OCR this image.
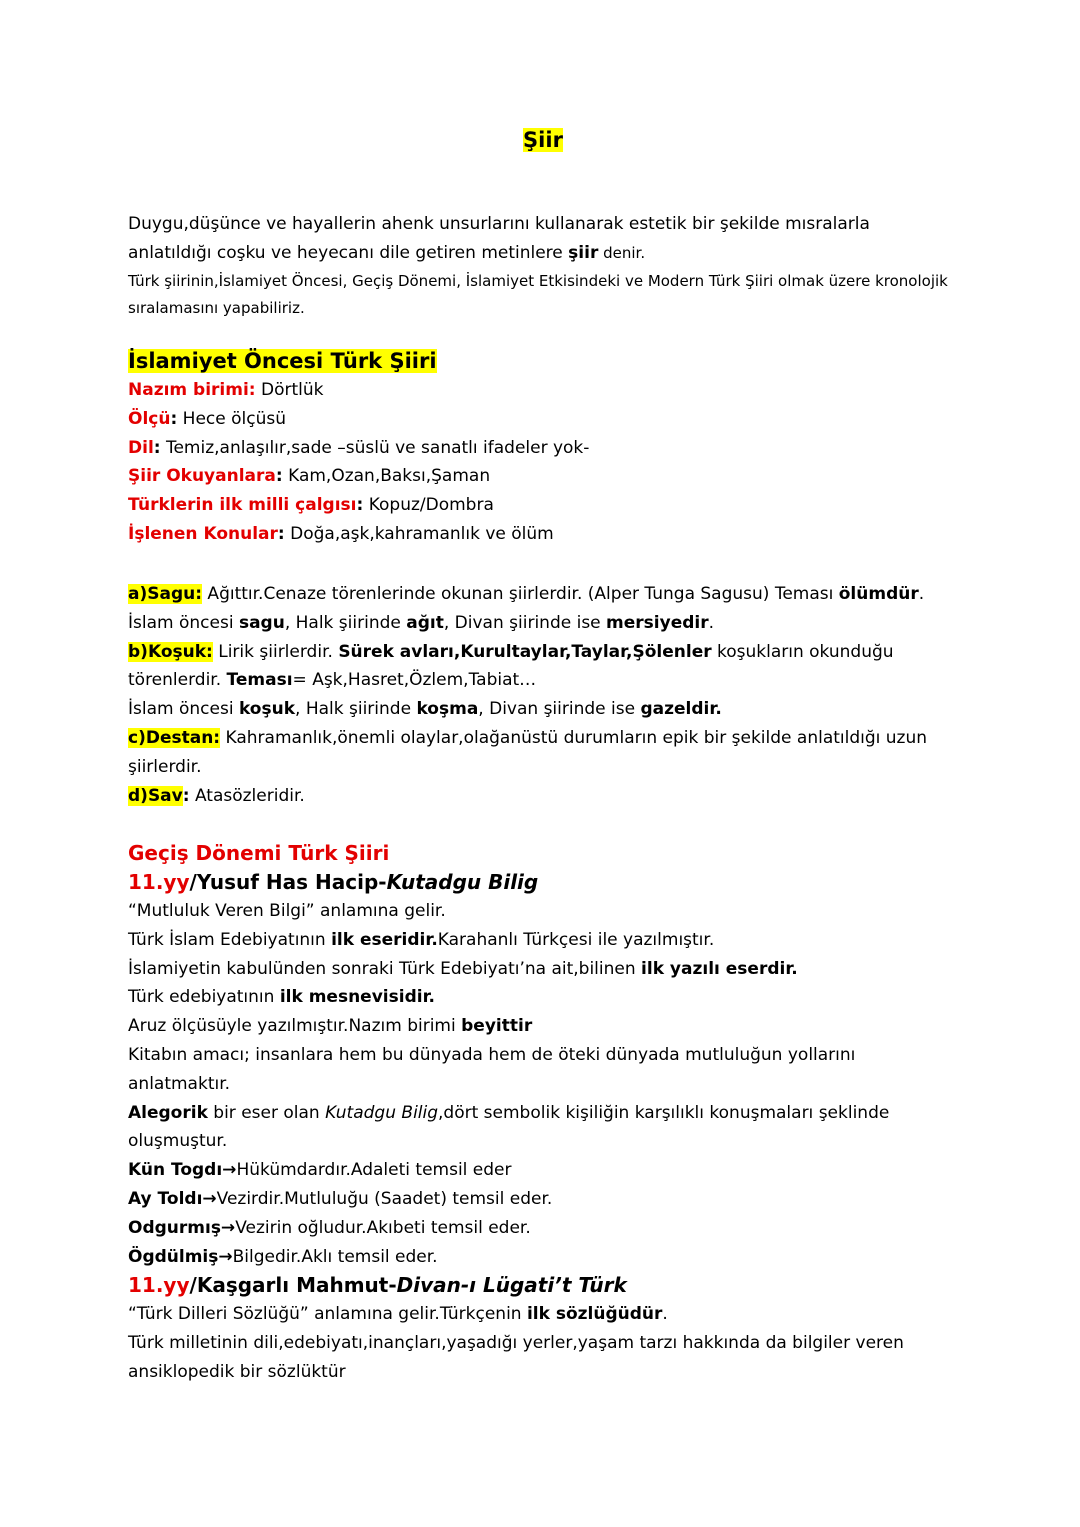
Şiir

Duygu,düşünce ve hayallerin ahenk unsurlarını kullanarak estetik bir şekilde mısralarla anlatıldığı coşku ve heyecanı dile getiren metinlere şiir denir.

Türk şiirinin,İslamiyet Öncesi, Geçiş Dönemi, İslamiyet Etkisindeki ve Modern Türk Şiiri olmak üzere kronolojik sıralamasını yapabiliriz.

İslamiyet Öncesi Türk Şiiri

Nazım birimi: Dörtlük

Ölçü: Hece ölçüsü

Dil: Temiz,anlaşılır,sade –süslü ve sanatlı ifadeler yok-

Şiir Okuyanlara: Kam,Ozan,Baksı,Şaman

Türklerin ilk milli çalgısı: Kopuz/Dombra

İşlenen Konular: Doğa,aşk,kahramanlık ve ölüm

a)Sagu: Ağıttır.Cenaze törenlerinde okunan şiirlerdir. (Alper Tunga Sagusu) Teması ölümdür.

İslam öncesi sagu, Halk şiirinde ağıt, Divan şiirinde ise mersiyedir.

b)Koşuk: Lirik şiirlerdir. Sürek avları,Kurultaylar,Taylar,Şölenler koşukların okunduğu törenlerdir. Teması= Aşk,Hasret,Özlem,Tabiat…

İslam öncesi koşuk, Halk şiirinde koşma, Divan şiirinde ise gazeldir.

c)Destan: Kahramanlık,önemli olaylar,olağanüstü durumların epik bir şekilde anlatıldığı uzun şiirlerdir.

d)Sav: Atasözleridir.

Geçiş Dönemi Türk Şiiri
11.yy/Yusuf Has Hacip-Kutadgu Bilig

“Mutluluk Veren Bilgi” anlamına gelir.

Türk İslam Edebiyatının ilk eseridir.Karahanlı Türkçesi ile yazılmıştır.

İslamiyetin kabulünden sonraki Türk Edebiyatı’na ait,bilinen ilk yazılı eserdir.

Türk edebiyatının ilk mesnevisidir.

Aruz ölçüsüyle yazılmıştır.Nazım birimi beyittir

Kitabın amacı; insanlara hem bu dünyada hem de öteki dünyada mutluluğun yollarını anlatmaktır.

Alegorik bir eser olan Kutadgu Bilig,dört sembolik kişiliğin karşılıklı konuşmaları şeklinde oluşmuştur.

Kün Togdı→Hükümdardır.Adaleti temsil eder

Ay Toldı→Vezirdir.Mutluluğu (Saadet) temsil eder.

Odgurmış→Vezirin oğludur.Akıbeti temsil eder.

Ögdülmiş→Bilgedir.Aklı temsil eder.

11.yy/Kaşgarlı Mahmut-Divan-ı Lügati’t Türk

“Türk Dilleri Sözlüğü” anlamına gelir.Türkçenin ilk sözlüğüdür.

Türk milletinin dili,edebiyatı,inançları,yaşadığı yerler,yaşam tarzı hakkında da bilgiler veren ansiklopedik bir sözlüktür
